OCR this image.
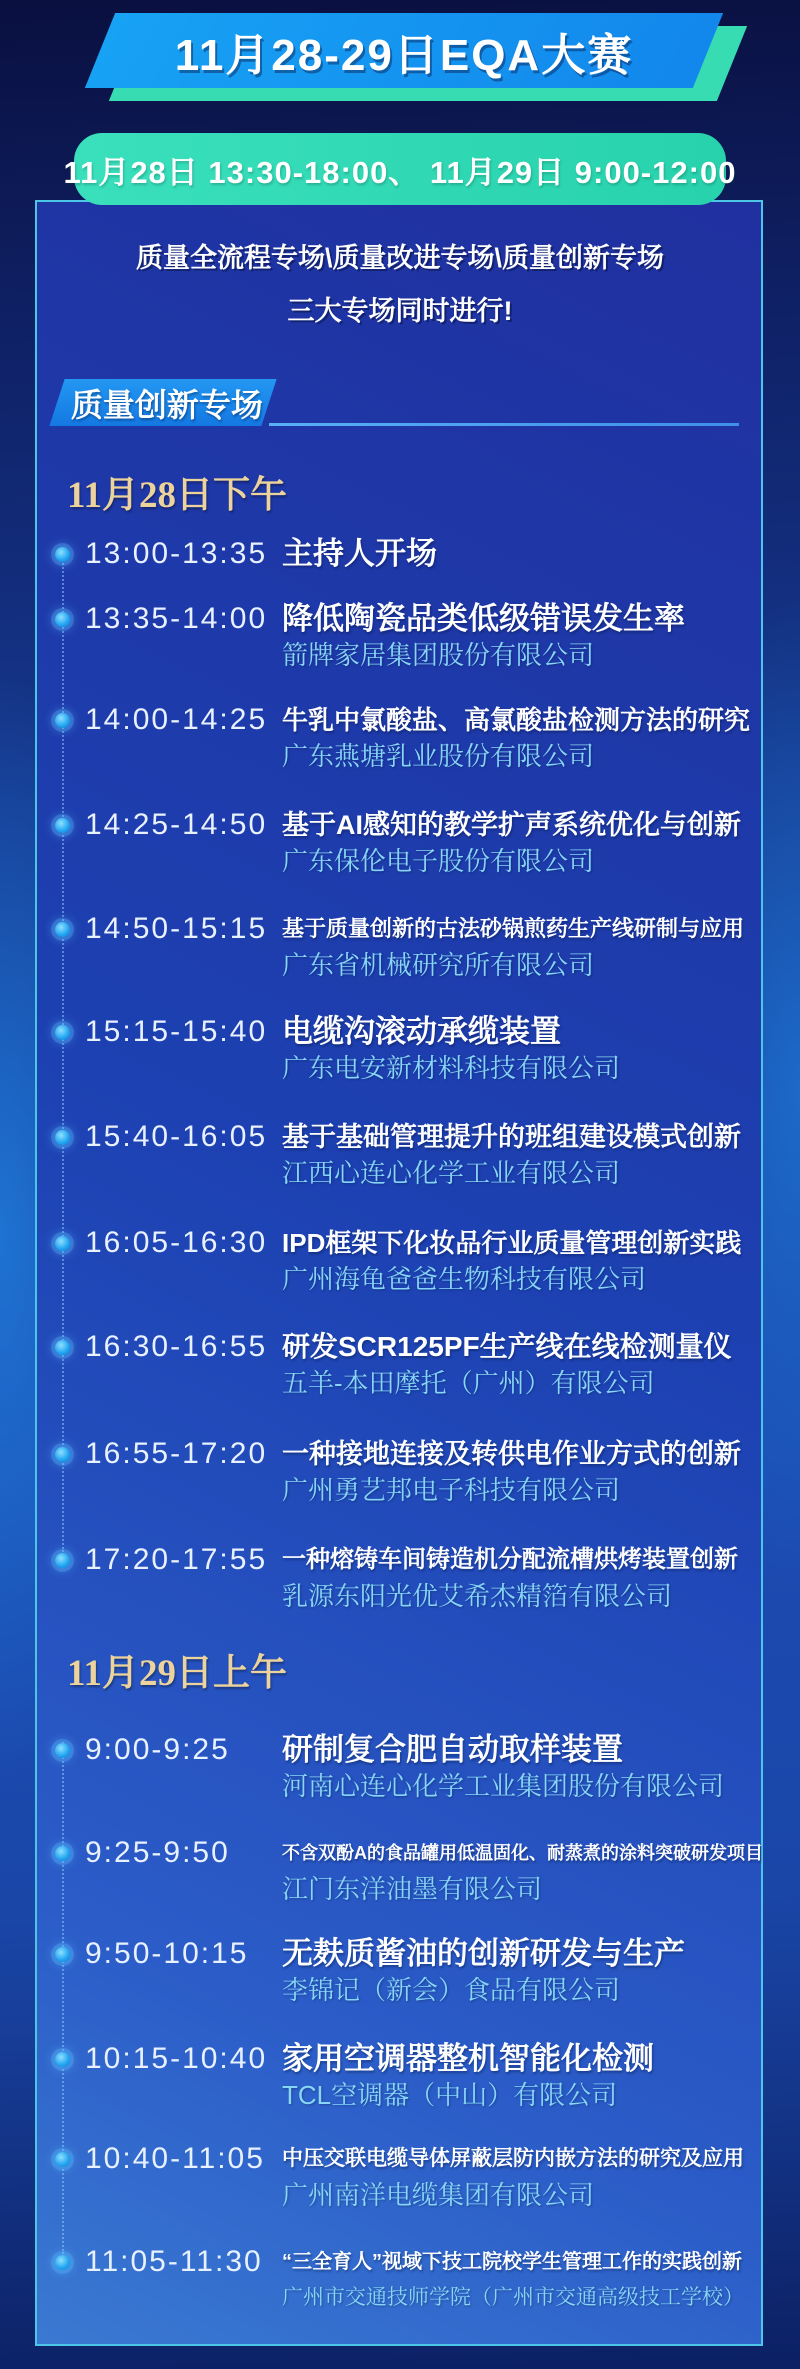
11月28-29日EQA大赛
11月28日 13:30-18:00、 11月29日 9:00-12:00
质量全流程专场\质量改进专场\质量创新专场
三大专场同时进行!
质量创新专场
11月28日下午
13:00-13:35 主持人开场
13:35-14:00 降低陶瓷品类低级错误发生率
箭牌家居集团股份有限公司
14:00-14:25 牛乳中氯酸盐、高氯酸盐检测方法的研究
广东燕塘乳业股份有限公司
14:25-14:50 基于AI感知的教学扩声系统优化与创新
广东保伦电子股份有限公司
14:50-15:15 基于质量创新的古法砂锅煎药生产线研制与应用
广东省机械研究所有限公司
15:15-15:40 电缆沟滚动承缆装置
广东电安新材料科技有限公司
15:40-16:05 基于基础管理提升的班组建设模式创新
江西心连心化学工业有限公司
16:05-16:30 IPD框架下化妆品行业质量管理创新实践
广州海龟爸爸生物科技有限公司
16:30-16:55 研发SCR125PF生产线在线检测量仪
五羊-本田摩托（广州）有限公司
16:55-17:20 一种接地连接及转供电作业方式的创新
广州勇艺邦电子科技有限公司
17:20-17:55 一种熔铸车间铸造机分配流槽烘烤装置创新
乳源东阳光优艾希杰精箔有限公司
11月29日上午
9:00-9:25 研制复合肥自动取样装置
河南心连心化学工业集团股份有限公司
9:25-9:50	不含双酚A的食品罐用低温固化、耐蒸煮的涂料突破研发项目
江门东洋油墨有限公司
9:50-10:15 无麸质酱油的创新研发与生产
李锦记（新会）食品有限公司
10:15-10:40 家用空调器整机智能化检测
TCL空调器（中山）有限公司
10:40-11:05 中压交联电缆导体屏蔽层防内嵌方法的研究及应用
广州南洋电缆集团有限公司
11:05-11:30 “三全育人”视域下技工院校学生管理工作的实践创新
广州市交通技师学院（广州市交通高级技工学校）
